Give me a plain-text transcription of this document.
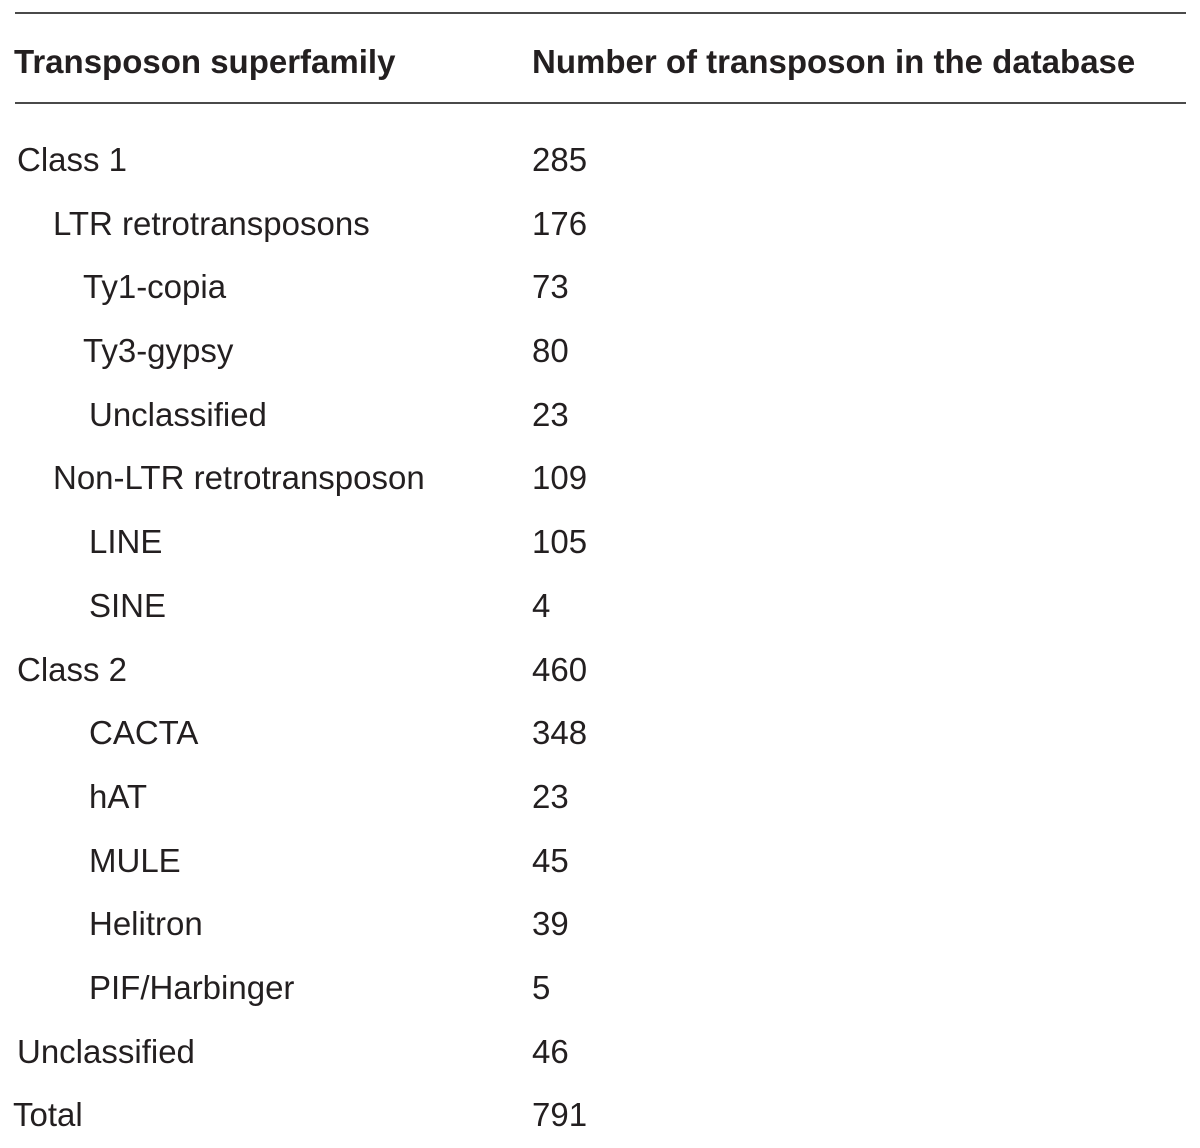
Transposon superfamily	Number of transposon in the database
Class 1	285
LTR retrotransposons	176
Ty1-copia	73
Ty3-gypsy	80
Unclassified	23
Non-LTR retrotransposon	109
LINE	105
SINE	4
Class 2	460
CACTA	348
hAT	23
MULE	45
Helitron	39
PIF/Harbinger	5
Unclassified	46
Total	791
